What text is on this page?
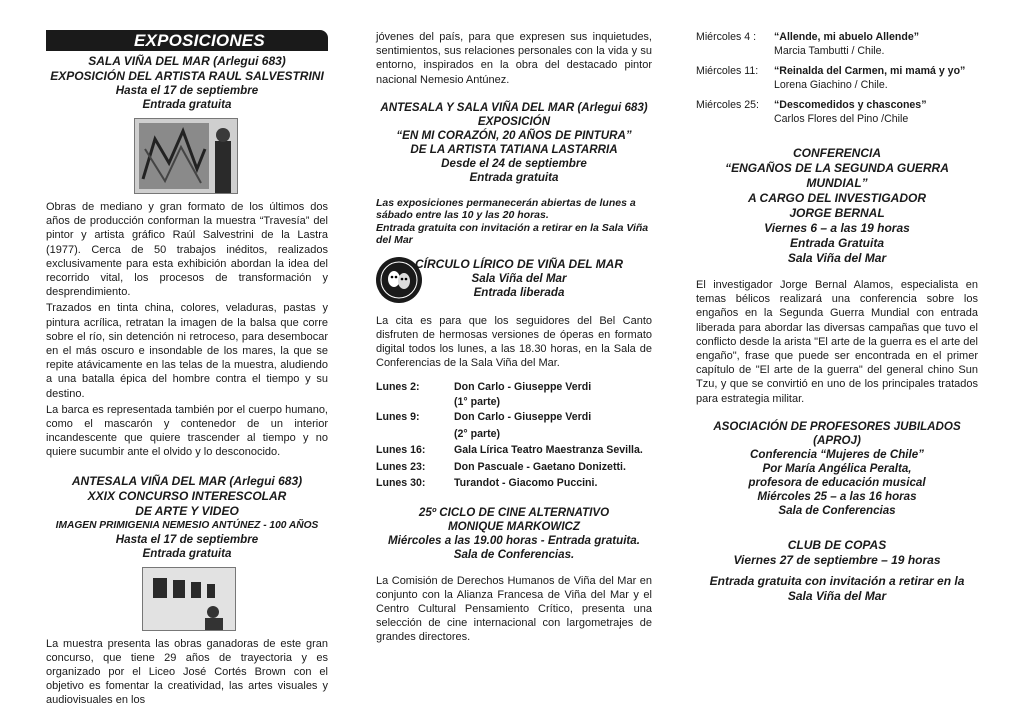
EXPOSICIONES
SALA VIÑA DEL MAR (Arlegui 683)
EXPOSICIÓN DEL ARTISTA RAUL SALVESTRINI
Hasta el 17 de septiembre
Entrada gratuita

Obras de mediano y gran formato de los últimos dos años de producción conforman la muestra “Travesía” del pintor y artista gráfico Raúl Salvestrini de la Lastra (1977). Cerca de 50 trabajos inéditos, realizados exclusivamente para esta exhibición abordan la idea del recorrido vital, los procesos de transformación y desprendimiento.

Trazados en tinta china, colores, veladuras, pastas y pintura acrílica, retratan la imagen de la balsa que corre sobre el río, sin detención ni retroceso, para desembocar en el más oscuro e insondable de los mares, la que se repite atávicamente en las telas de la muestra, aludiendo a una batalla épica del hombre contra el tiempo y su destino.

La barca es representada también por el cuerpo humano, como el mascarón y contenedor de un interior incandescente que quiere trascender al tiempo y no quiere sucumbir ante el olvido y lo desconocido.

ANTESALA VIÑA DEL MAR (Arlegui 683)
XXIX CONCURSO INTERESCOLAR
DE ARTE Y VIDEO
IMAGEN PRIMIGENIA NEMESIO ANTÚNEZ - 100 AÑOS
Hasta el 17 de septiembre
Entrada gratuita

La muestra presenta las obras ganadoras de este gran concurso, que tiene 29 años de trayectoria y es organizado por el Liceo José Cortés Brown con el objetivo es fomentar la creatividad, las artes visuales y audiovisuales en los

jóvenes del país, para que expresen sus inquietudes, sentimientos, sus relaciones personales con la vida y su entorno, inspirados en la obra del destacado pintor nacional Nemesio Antúnez.

ANTESALA Y SALA VIÑA DEL MAR (Arlegui 683)
EXPOSICIÓN
“EN MI CORAZÓN, 20 AÑOS DE PINTURA”
DE LA ARTISTA TATIANA LASTARRIA
Desde el 24 de septiembre
Entrada gratuita
Las exposiciones permanecerán abiertas de lunes a sábado entre las 10 y las 20 horas.
Entrada gratuita con invitación a retirar en la Sala Viña del Mar
CÍRCULO LÍRICO DE VIÑA DEL MAR
Sala Viña del Mar
Entrada liberada

La cita es para que los seguidores del Bel Canto disfruten de hermosas versiones de óperas en formato digital todos los lunes, a las 18.30 horas, en la Sala de Conferencias de la Sala Viña del Mar.

Lunes 2:	Don Carlo - Giuseppe Verdi
(1° parte)
Lunes 9:	Don Carlo - Giuseppe Verdi
(2° parte)
Lunes 16:	Gala Lírica Teatro Maestranza Sevilla.
Lunes 23:	Don Pascuale - Gaetano Donizetti.
Lunes 30:	Turandot - Giacomo Puccini.
25º CICLO DE CINE ALTERNATIVO
MONIQUE MARKOWICZ
Miércoles a las 19.00 horas - Entrada gratuita.
Sala de Conferencias.

La Comisión de Derechos Humanos de Viña del Mar en conjunto con la Alianza Francesa de Viña del Mar y el Centro Cultural Pensamiento Crítico, presenta una selección de cine internacional con largometrajes de grandes directores.

Miércoles 4 :	“Allende, mi abuelo Allende”
Marcia Tambutti / Chile.
Miércoles 11:	“Reinalda del Carmen, mi mamá y yo”
Lorena Giachino / Chile.
Miércoles 25:	“Descomedidos y chascones”
Carlos Flores del Pino /Chile
CONFERENCIA
“ENGAÑOS DE LA SEGUNDA GUERRA
MUNDIAL”
A CARGO DEL INVESTIGADOR
JORGE BERNAL
Viernes 6 – a las 19 horas
Entrada Gratuita
Sala Viña del Mar

El investigador Jorge Bernal Alamos, especialista en temas bélicos realizará una conferencia sobre los engaños en la Segunda Guerra Mundial con entrada liberada para abordar las diversas campañas que tuvo el conflicto desde la arista "El arte de la guerra es el arte del engaño", frase que puede ser encontrada en el primer capítulo de "El arte de la guerra" del general chino Sun Tzu, y que se convirtió en uno de los principales tratados para estrategia militar.

ASOCIACIÓN DE PROFESORES JUBILADOS
(APROJ)
Conferencia “Mujeres de Chile”
Por María Angélica Peralta,
profesora de educación musical
Miércoles 25 – a las 16 horas
Sala de Conferencias
CLUB DE COPAS
Viernes 27 de septiembre – 19 horas
Entrada gratuita con invitación a retirar en la
Sala Viña del Mar
